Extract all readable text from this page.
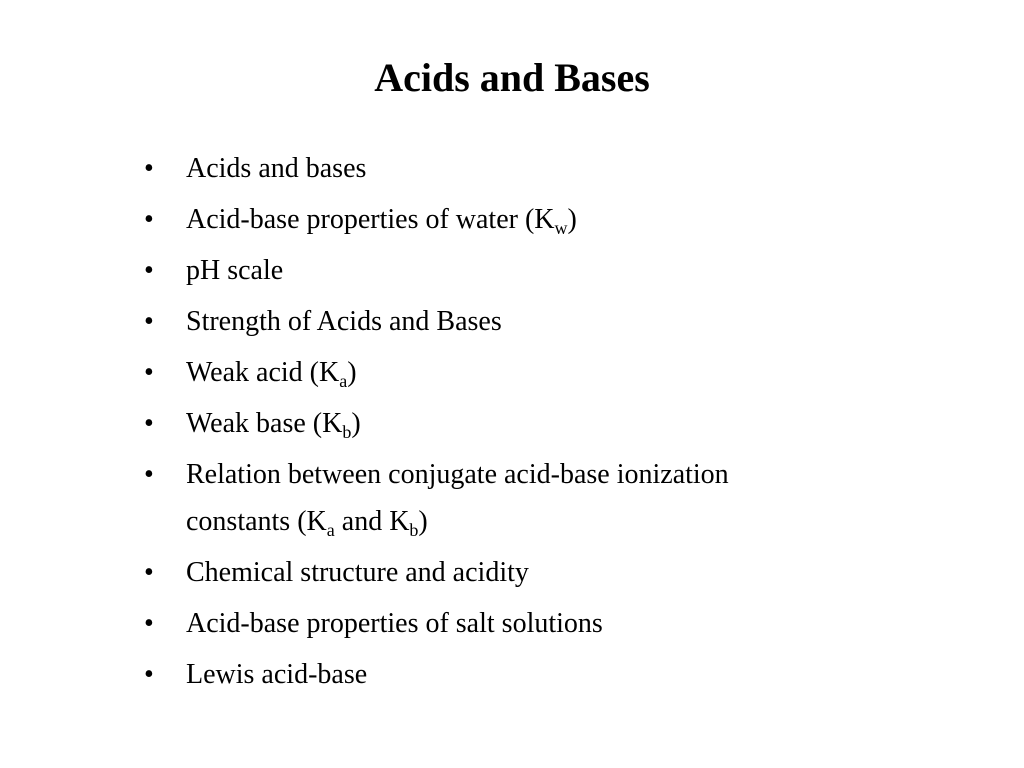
Acids and Bases
•	Acids and bases
•	Acid-base properties of water $(K_w)$
•	pH scale
•	Strength of Acids and Bases
•	Weak acid $(K_a)$
•	Weak base $(K_b)$
•	Relation between conjugate acid-base ionization
constants ($K_a$ and $K_b$)
•	Chemical structure and acidity
•	Acid-base properties of salt solutions
•	Lewis acid-base
